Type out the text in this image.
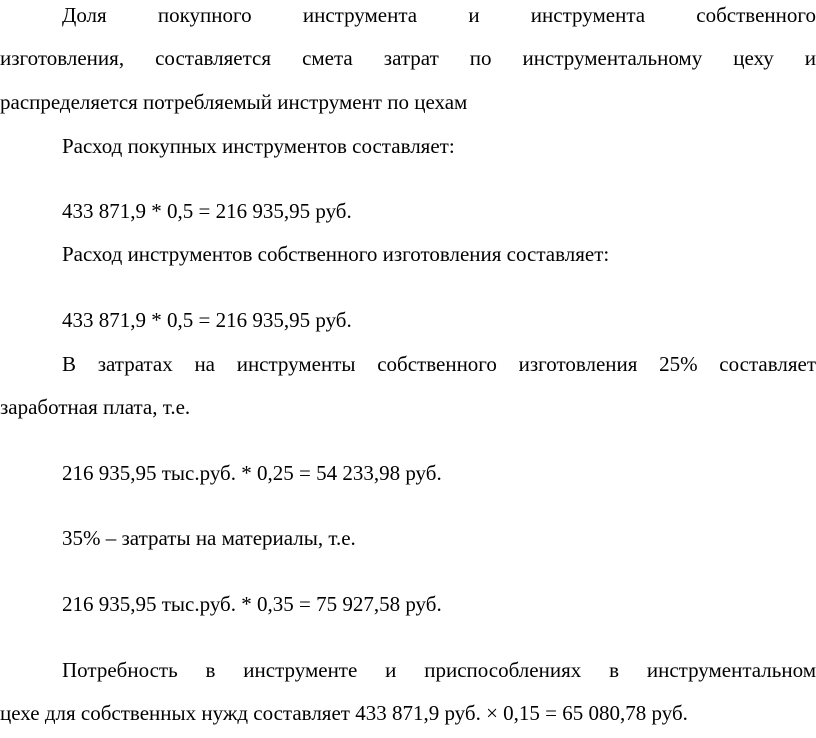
Доля покупного инструмента и инструмента собственного
изготовления, составляется смета затрат по инструментальному цеху и
распределяется потребляемый инструмент по цехам
Расход покупных инструментов составляет:
433 871,9 * 0,5 = 216 935,95 руб.
Расход инструментов собственного изготовления составляет:
433 871,9 * 0,5 = 216 935,95 руб.
В затратах на инструменты собственного изготовления 25% составляет
заработная плата, т.е.
216 935,95 тыс.руб. * 0,25 = 54 233,98 руб.
35% – затраты на материалы, т.е.
216 935,95 тыс.руб. * 0,35 = 75 927,58 руб.
Потребность в инструменте и приспособлениях в инструментальном
цехе для собственных нужд составляет 433 871,9 руб. × 0,15 = 65 080,78 руб.
